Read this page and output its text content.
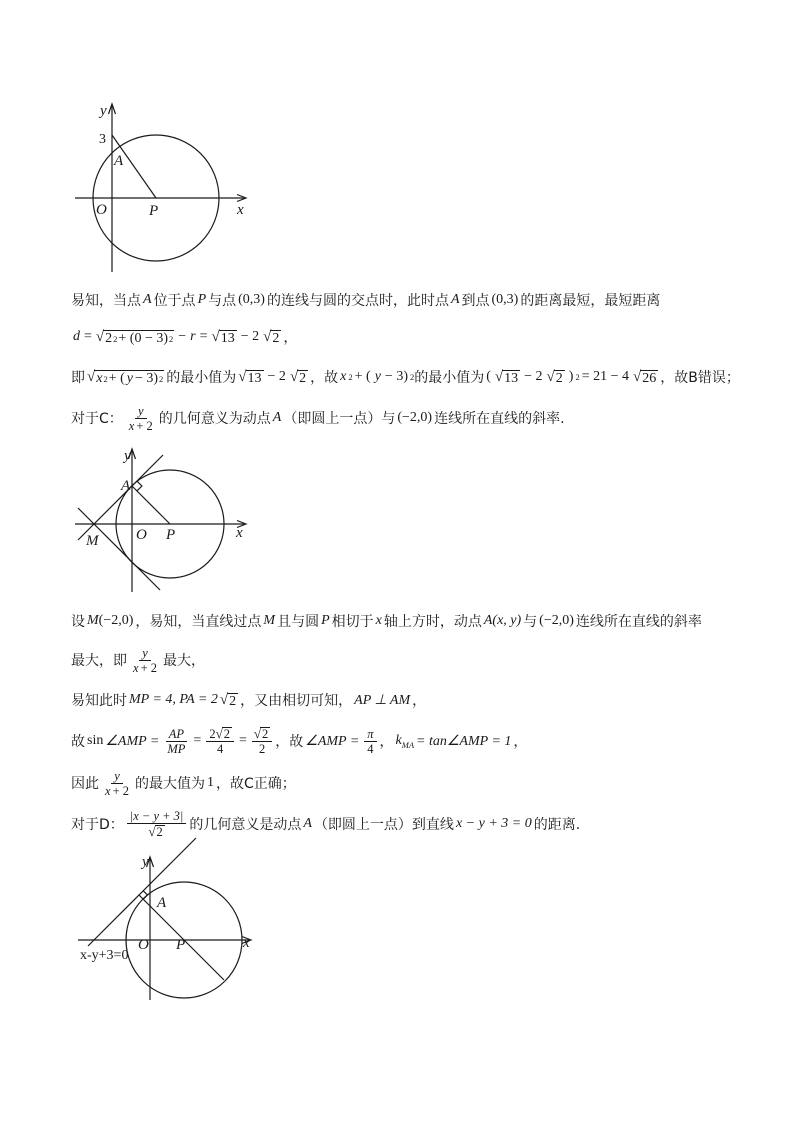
y
3
A
O	P	x
易知，当点 A 位于点 P 与点 (0,3) 的连线与圆的交点时，此时点 A 到点 (0,3) 的距离最短，最短距离
d = √ 2 2 + (0 − 3) 2 − r = √ 13 − 2 √ 2 ，
即 √ x 2 + ( y − 3) 2 的最小值为 √ 13 − 2 √ 2 ，故 x 2 + ( y − 3) 2 的最小值为 ( √ 13 − 2 √ 2 ) 2 = 21 − 4 √ 26 ，故B错误；
对于C： $\frac{y}{x + 2}$ 的几何意义为动点 A （即圆上一点）与 (−2,0) 连线所在直线的斜率.
y
A
M	O P	x
设 M (−2,0) ，易知，当直线过点 M 且与圆 P 相切于 x 轴上方时，动点 A(x, y) 与 (−2,0) 连线所在直线的斜率
最大，即 $\frac{y}{x + 2}$ 最大，
易知此时 MP = 4, PA = 2 √ 2 ，又由相切可知， AP ⊥ AM ，
故 sin ∠AMP = $\frac{AP}{MP} = \frac{2 √ 2}{4} = \frac{√ 2}{2}$ ，故 ∠AMP = $\frac{\pi}{4}$ ， k MA = tan∠AMP = 1 ，
因此 $\frac{y}{x + 2}$ 的最大值为 1 ，故C正确；
对于D： $\frac{|x - y + 3|}{√ 2}$ 的几何意义是动点 A （即圆上一点）到直线 x − y + 3 = 0 的距离.
y
A
O P	x
x-y+3=0
